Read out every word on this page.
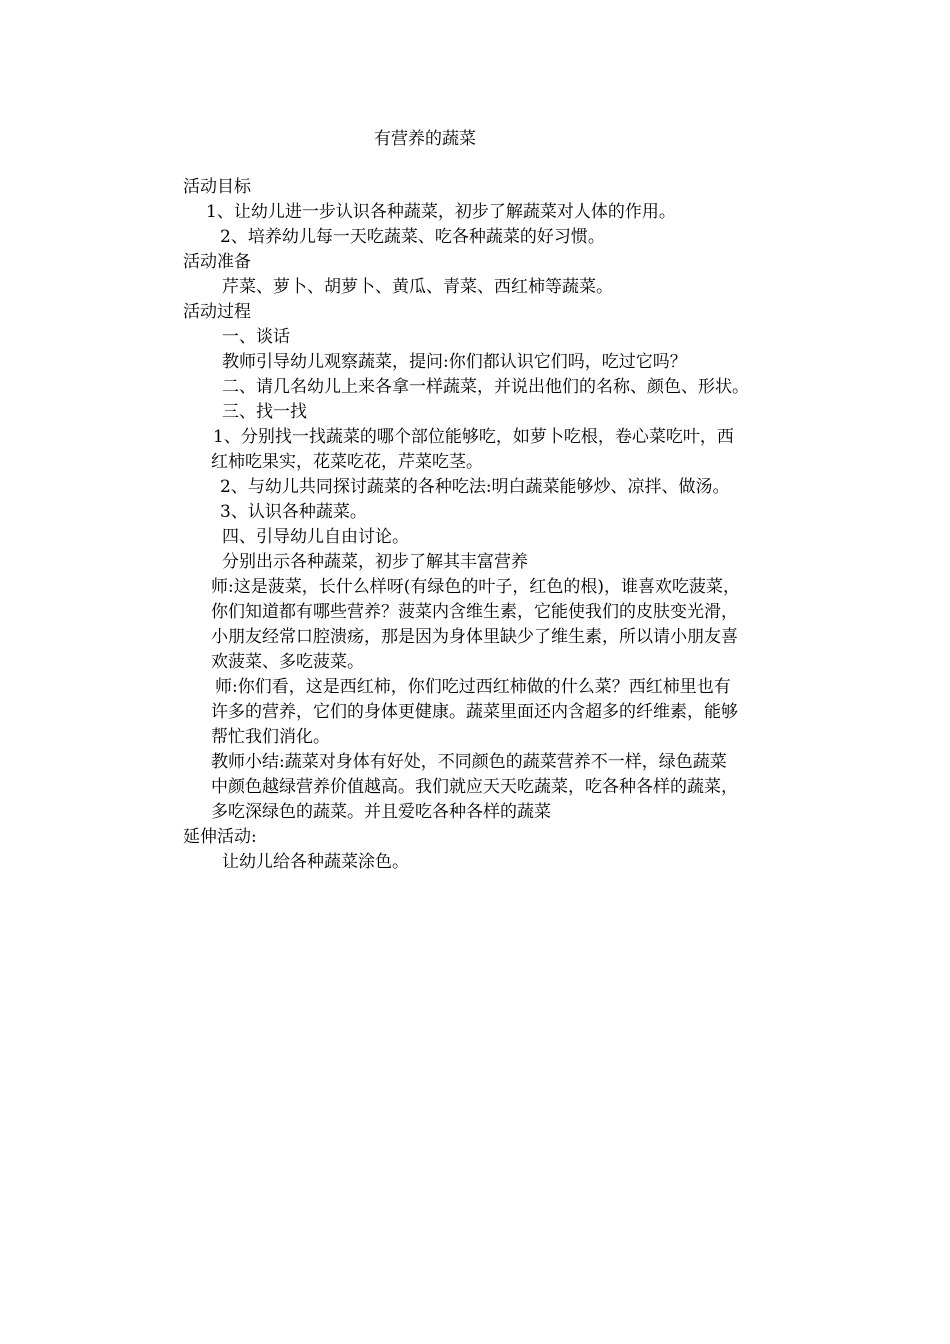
有营养的蔬菜

活动目标

1、让幼儿进一步认识各种蔬菜，初步了解蔬菜对人体的作用。

2、培养幼儿每一天吃蔬菜、吃各种蔬菜的好习惯。

活动准备

芹菜、萝卜、胡萝卜、黄瓜、青菜、西红柿等蔬菜。

活动过程

一、谈话

教师引导幼儿观察蔬菜，提问:你们都认识它们吗，吃过它吗？

二、请几名幼儿上来各拿一样蔬菜，并说出他们的名称、颜色、形状。

三、找一找

1、分别找一找蔬菜的哪个部位能够吃，如萝卜吃根，卷心菜吃叶，西

红柿吃果实，花菜吃花，芹菜吃茎。

2、与幼儿共同探讨蔬菜的各种吃法:明白蔬菜能够炒、凉拌、做汤。

3、认识各种蔬菜。

四、引导幼儿自由讨论。

分别出示各种蔬菜，初步了解其丰富营养

师:这是菠菜，长什么样呀(有绿色的叶子，红色的根)，谁喜欢吃菠菜，

你们知道都有哪些营养？菠菜内含维生素，它能使我们的皮肤变光滑，

小朋友经常口腔溃疡，那是因为身体里缺少了维生素，所以请小朋友喜

欢菠菜、多吃菠菜。

师:你们看，这是西红柿，你们吃过西红柿做的什么菜？西红柿里也有

许多的营养，它们的身体更健康。蔬菜里面还内含超多的纤维素，能够

帮忙我们消化。

教师小结:蔬菜对身体有好处，不同颜色的蔬菜营养不一样，绿色蔬菜

中颜色越绿营养价值越高。我们就应天天吃蔬菜，吃各种各样的蔬菜，

多吃深绿色的蔬菜。并且爱吃各种各样的蔬菜

延伸活动:

让幼儿给各种蔬菜涂色。
